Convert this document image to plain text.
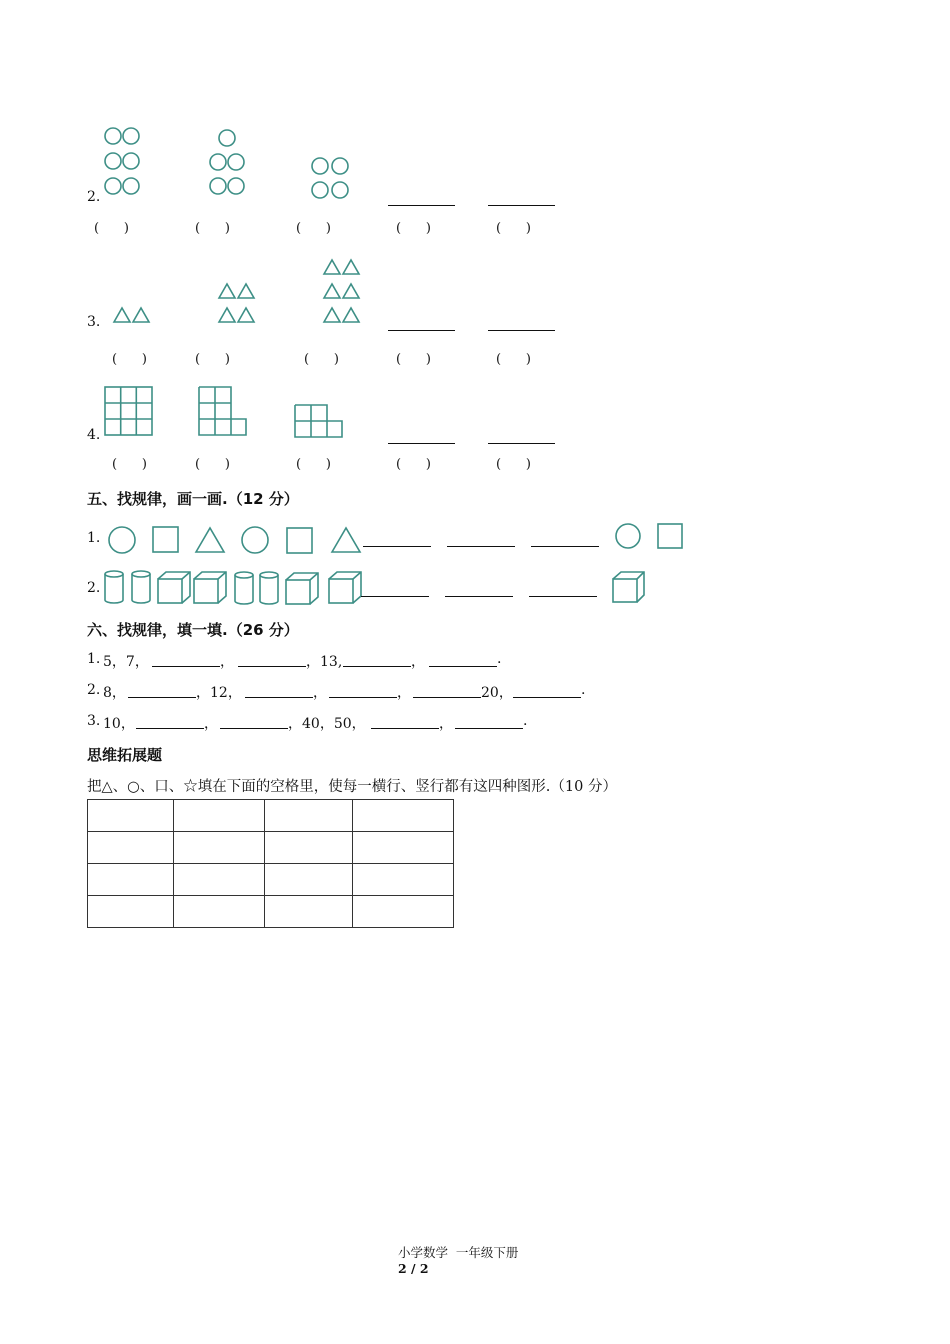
2.
(      )	(      )	(      )	(      )	(      )
3.
(      )	(      )	(      )	(      )	(      )
4.
(      )	(      )	(      )	(      )	(      )
五、找规律，画一画.（12 分）
1.
2.
六、找规律，填一填.（26 分）
1. 5，7，	，	，13,	，	.
2. 8，	，12，	，	，	20，	.
3. 10，	，	，40，50，	，	.
思维拓展题
把△、○、口、☆填在下面的空格里，使每一横行、竖行都有这四种图形.（10 分）

小学数学  一年级下册
2 / 2
